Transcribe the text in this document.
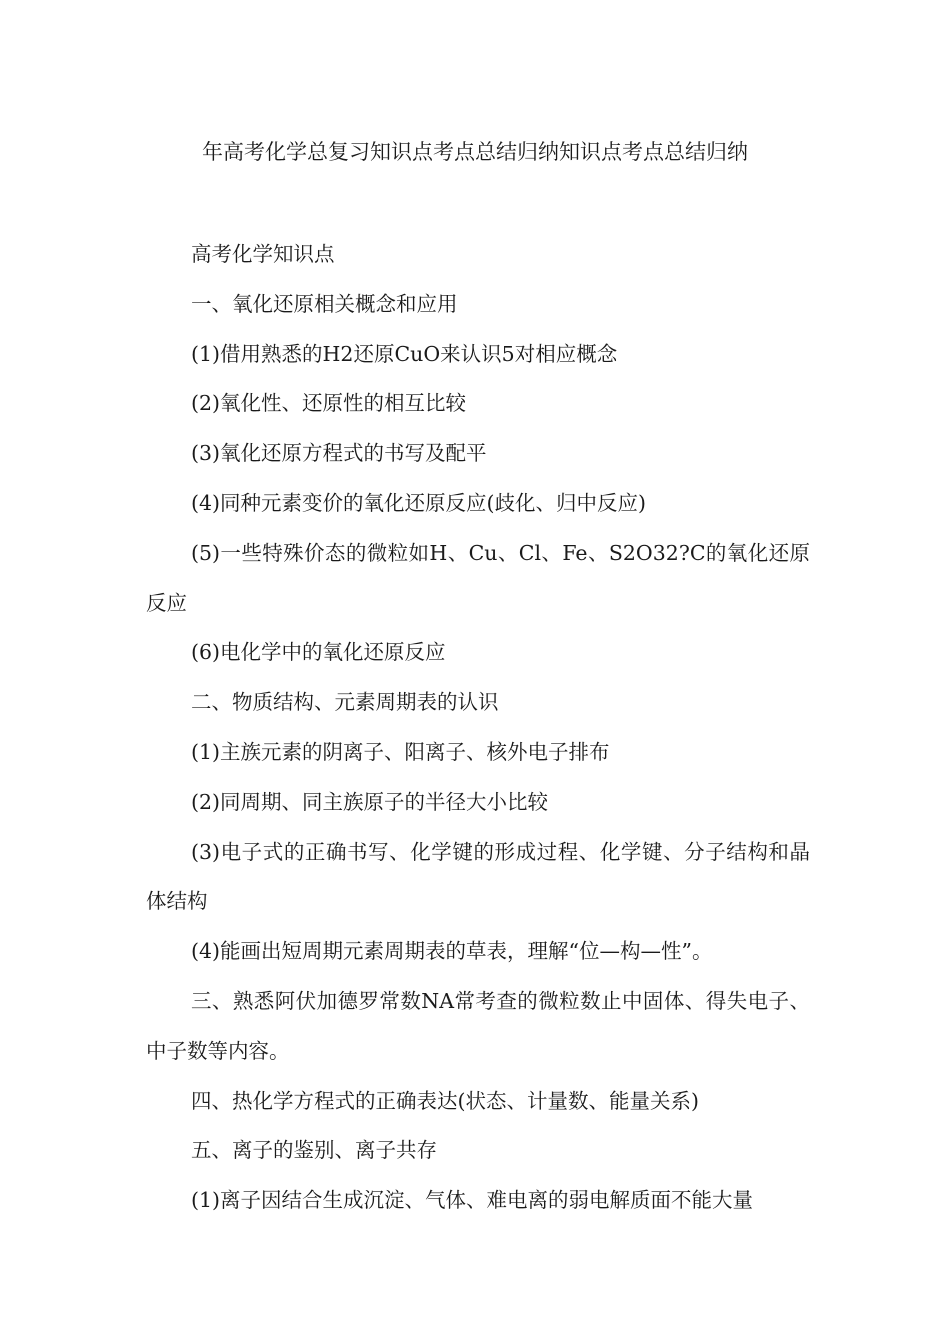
年高考化学总复习知识点考点总结归纳知识点考点总结归纳

高考化学知识点

一、氧化还原相关概念和应用

(1)借用熟悉的H2还原CuO来认识5对相应概念

(2)氧化性、还原性的相互比较

(3)氧化还原方程式的书写及配平

(4)同种元素变价的氧化还原反应(歧化、归中反应)

(5)一些特殊价态的微粒如H、Cu、Cl、Fe、S2O32?C的氧化还原反应

(6)电化学中的氧化还原反应

二、物质结构、元素周期表的认识

(1)主族元素的阴离子、阳离子、核外电子排布

(2)同周期、同主族原子的半径大小比较

(3)电子式的正确书写、化学键的形成过程、化学键、分子结构和晶体结构

(4)能画出短周期元素周期表的草表，理解“位—构—性”。

三、熟悉阿伏加德罗常数NA常考查的微粒数止中固体、得失电子、中子数等内容。

四、热化学方程式的正确表达(状态、计量数、能量关系)

五、离子的鉴别、离子共存

(1)离子因结合生成沉淀、气体、难电离的弱电解质面不能大量
